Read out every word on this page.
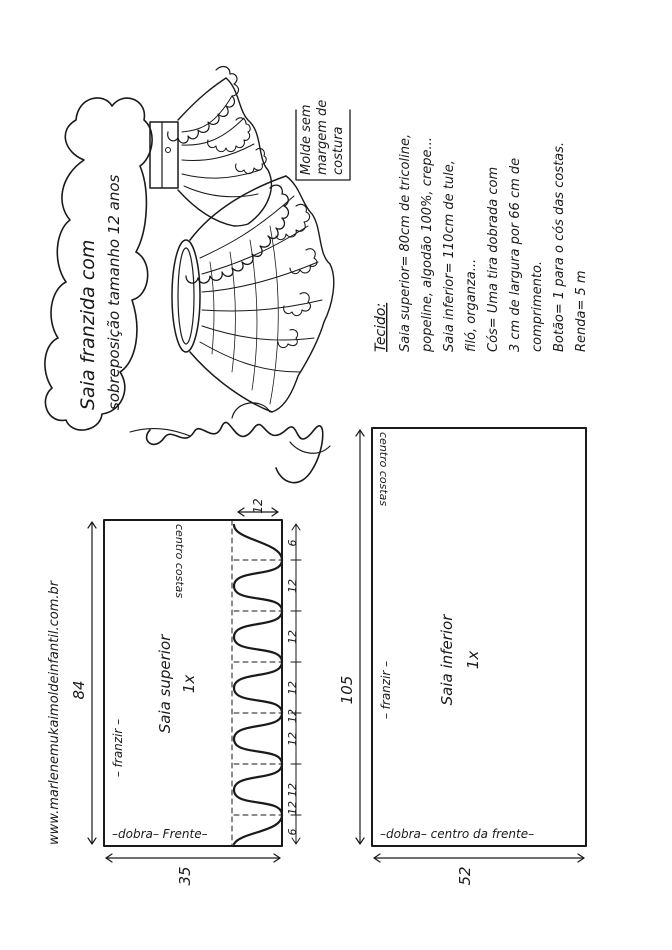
Saia franzida com sobreposição tamanho 12 anos
Molde sem margem de costura
Marlene
Tecido: Saia superior= 80cm de tricoline, popeline, algodão 100%, crepe... Saia inferior= 110cm de tule, filó, organza... Cós= Uma tira dobrada com 3 cm de largura por 66 cm de comprimento. Botão= 1 para o cós das costas. Renda= 5 m
www.marlenemukaimoldeinfantil.com.br 84
35
12
Saia superior 1x
– franzir –
centro costas
–dobra– Frente–
6
12
12
12
12
12
12
12
6
105
52
Saia inferior 1x
– franzir –
centro costas
–dobra– centro da frente–
